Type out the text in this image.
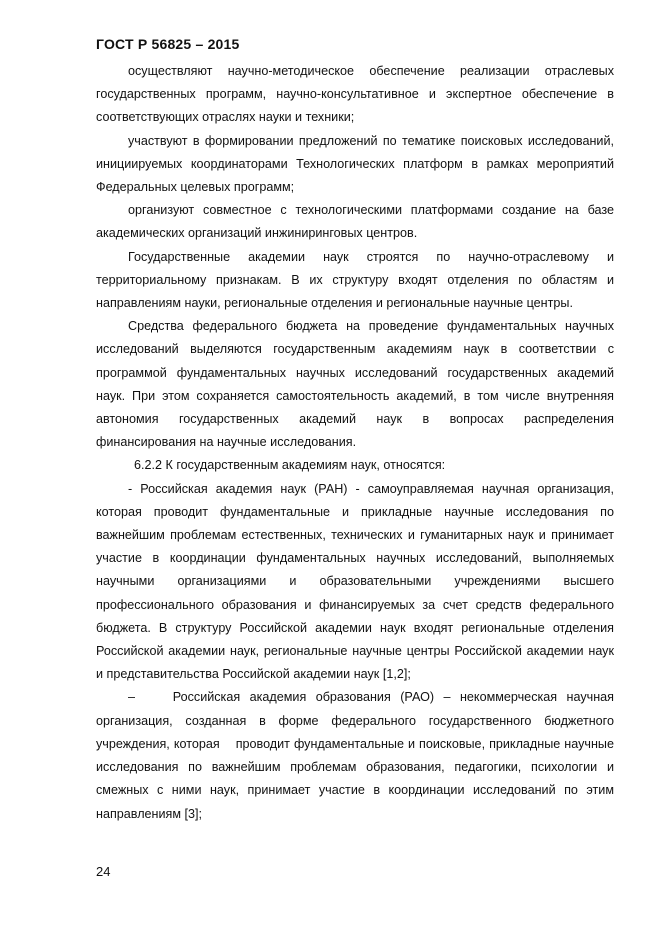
ГОСТ Р 56825 – 2015

осуществляют научно-методическое обеспечение реализации отраслевых государственных программ, научно-консультативное и экспертное обеспечение в соответствующих отраслях науки и техники;

участвуют в формировании предложений по тематике поисковых исследований, инициируемых координаторами Технологических платформ в рамках мероприятий Федеральных целевых программ;

организуют совместное с технологическими платформами создание на базе академических организаций инжиниринговых центров.

Государственные академии наук строятся по научно-отраслевому и территориальному признакам. В их структуру входят отделения по областям и направлениям науки, региональные отделения и региональные научные центры.

Средства федерального бюджета на проведение фундаментальных научных исследований выделяются государственным академиям наук в соответствии с программой фундаментальных научных исследований государственных академий наук. При этом сохраняется самостоятельность академий, в том числе внутренняя автономия государственных академий наук в вопросах распределения финансирования на научные исследования.

6.2.2 К государственным академиям наук, относятся:

- Российская академия наук (РАН) - самоуправляемая научная организация, которая проводит фундаментальные и прикладные научные исследования по важнейшим проблемам естественных, технических и гуманитарных наук и принимает участие в координации фундаментальных научных исследований, выполняемых научными организациями и образовательными учреждениями высшего профессионального образования и финансируемых за счет средств федерального бюджета. В структуру Российской академии наук входят региональные отделения Российской академии наук, региональные научные центры Российской академии наук и представительства Российской академии наук [1,2];

–    Российская академия образования (РАО) – некоммерческая научная организация, созданная в форме федерального государственного бюджетного учреждения, которая    проводит фундаментальные и поисковые, прикладные научные исследования по важнейшим проблемам образования, педагогики, психологии и смежных с ними наук, принимает участие в координации исследований по этим направлениям [3];

24
